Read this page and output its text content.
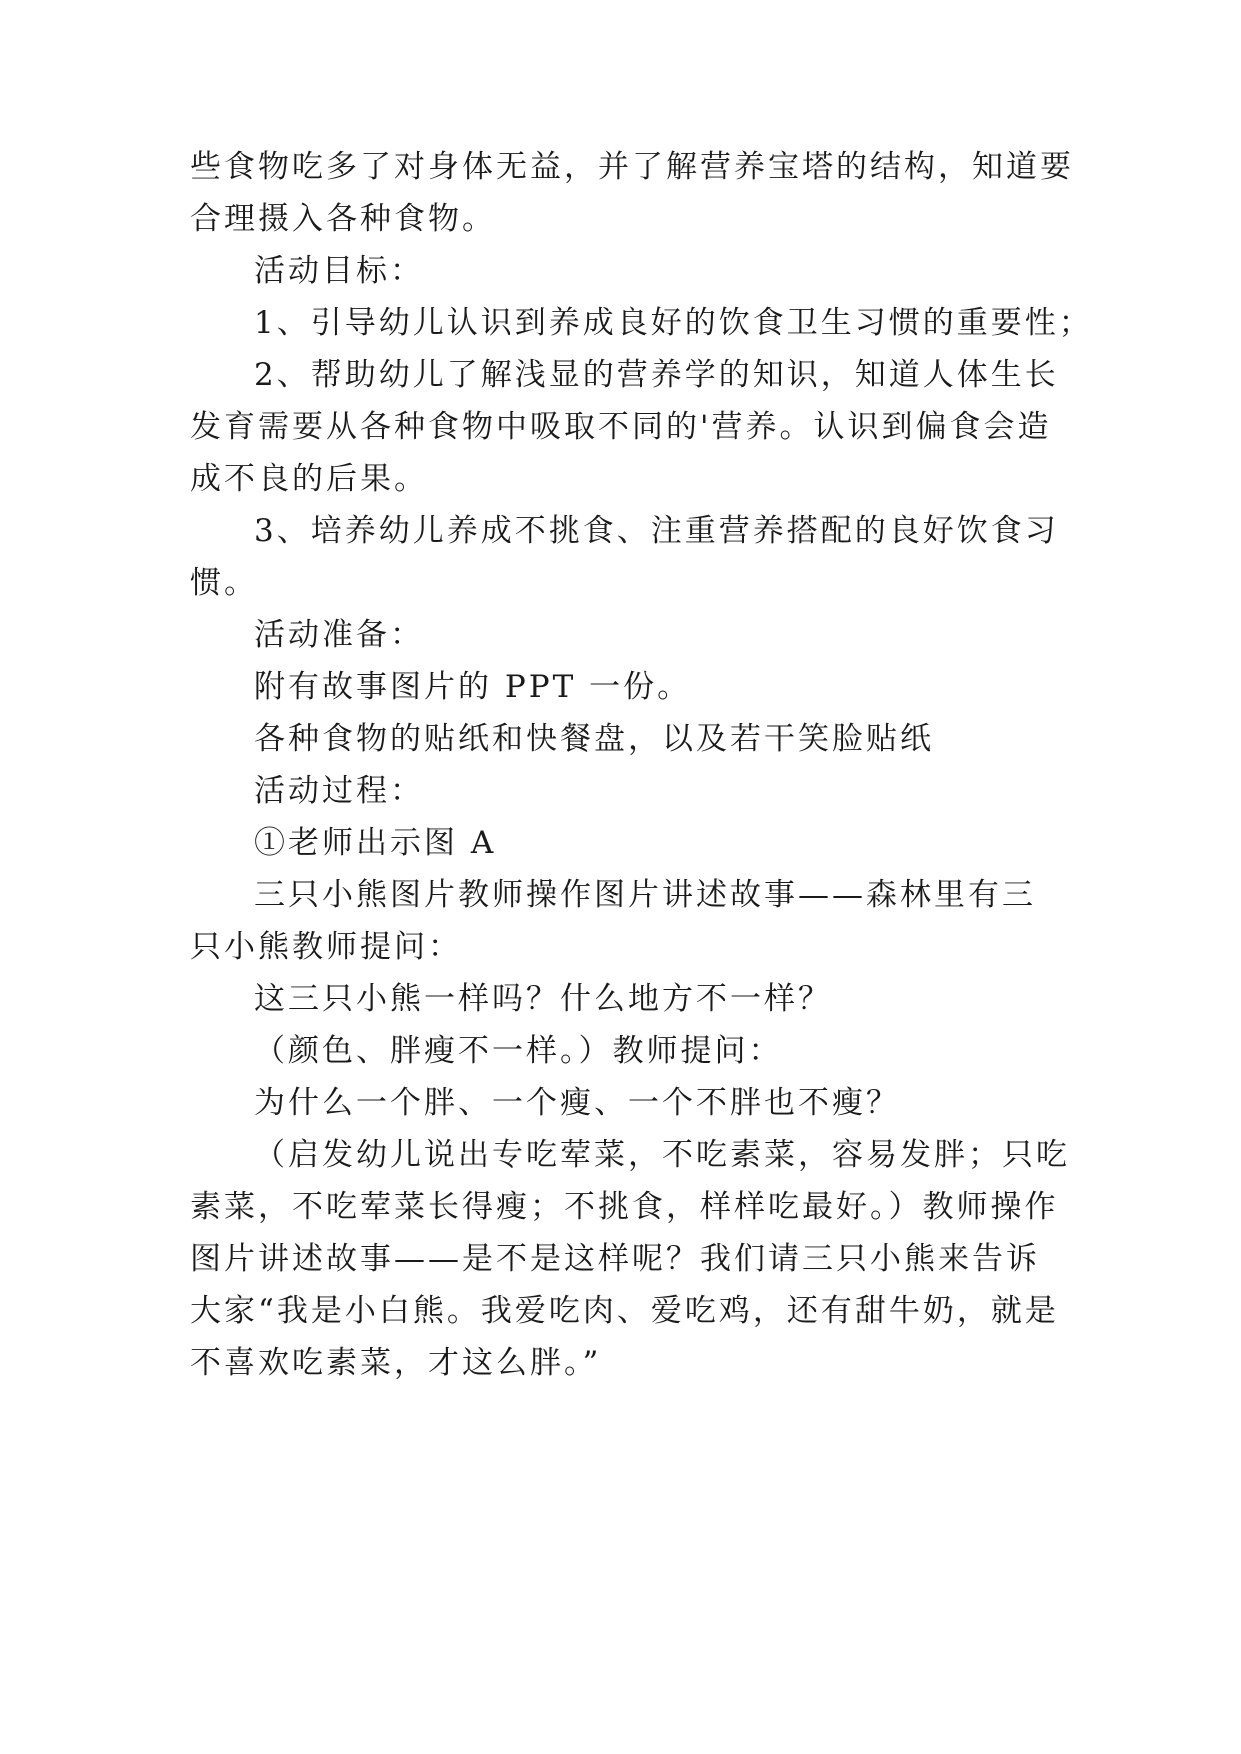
些食物吃多了对身体无益，并了解营养宝塔的结构，知道要
合理摄入各种食物。
活动目标：
1、引导幼儿认识到养成良好的饮食卫生习惯的重要性；
2、帮助幼儿了解浅显的营养学的知识，知道人体生长
发育需要从各种食物中吸取不同的'营养。认识到偏食会造
成不良的后果。
3、培养幼儿养成不挑食、注重营养搭配的良好饮食习
惯。
活动准备：
附有故事图片的 PPT 一份。
各种食物的贴纸和快餐盘，以及若干笑脸贴纸
活动过程：
①老师出示图 A
三只小熊图片教师操作图片讲述故事——森林里有三
只小熊教师提问：
这三只小熊一样吗？什么地方不一样？
（颜色、胖瘦不一样。）教师提问：
为什么一个胖、一个瘦、一个不胖也不瘦？
（启发幼儿说出专吃荤菜，不吃素菜，容易发胖；只吃
素菜，不吃荤菜长得瘦；不挑食，样样吃最好。）教师操作
图片讲述故事——是不是这样呢？我们请三只小熊来告诉
大家“我是小白熊。我爱吃肉、爱吃鸡，还有甜牛奶，就是
不喜欢吃素菜，才这么胖。”
